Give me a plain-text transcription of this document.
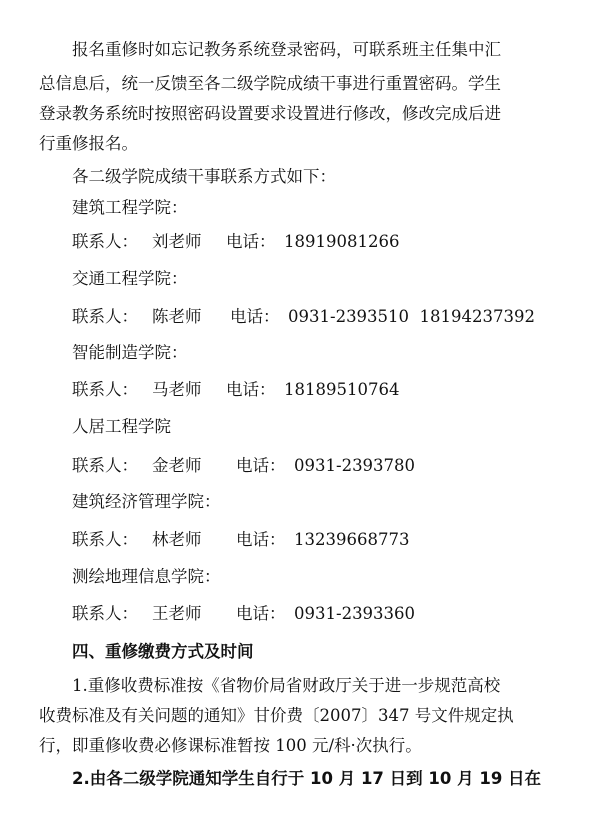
报名重修时如忘记教务系统登录密码，可联系班主任集中汇
总信息后，统一反馈至各二级学院成绩干事进行重置密码。学生
登录教务系统时按照密码设置要求设置进行修改，修改完成后进
行重修报名。
各二级学院成绩干事联系方式如下：
建筑工程学院：
联系人： 刘老师 电话： 18919081266
交通工程学院：
联系人： 陈老师 电话： 0931-2393510  18194237392
智能制造学院：
联系人： 马老师 电话： 18189510764
人居工程学院
联系人： 金老师 电话： 0931-2393780
建筑经济管理学院：
联系人： 林老师 电话： 13239668773
测绘地理信息学院：
联系人： 王老师 电话： 0931-2393360
四、重修缴费方式及时间
1.重修收费标准按《省物价局省财政厅关于进一步规范高校
收费标准及有关问题的通知》甘价费〔2007〕347 号文件规定执
行，即重修收费必修课标准暂按 100 元/科·次执行。
2.由各二级学院通知学生自行于 10 月 17 日到 10 月 19 日在
